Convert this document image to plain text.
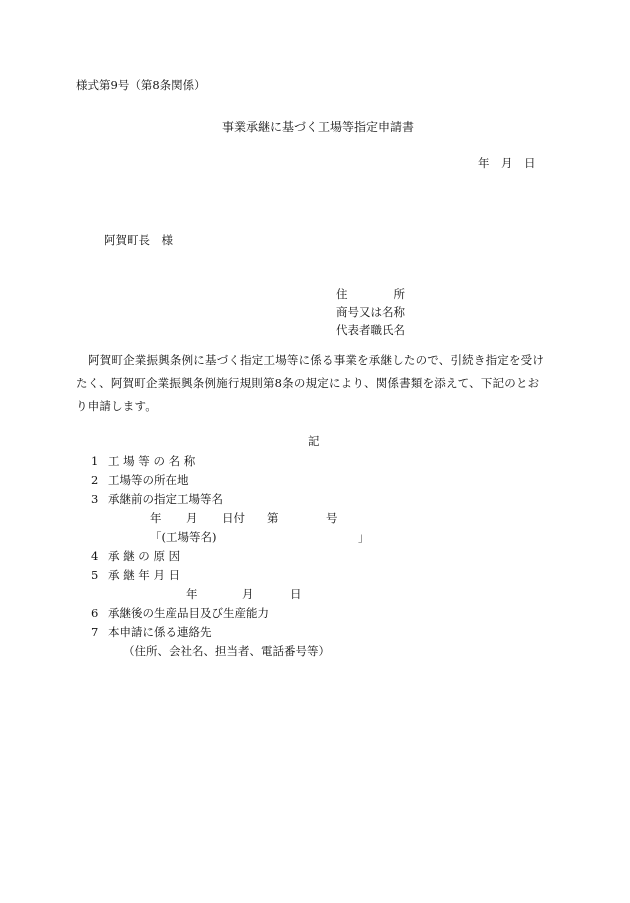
様式第9号（第8条関係）
事業承継に基づく工場等指定申請書
年 月 日
阿賀町長　様
住　　　　所
商号又は名称
代表者職氏名
阿賀町企業振興条例に基づく指定工場等に係る事業を承継したので、引続き指定を受けたく、阿賀町企業振興条例施行規則第8条の規定により、関係書類を添えて、下記のとおり申請します。
記
1 工 場 等 の 名 称
2 工場等の所在地
3 承継前の指定工場等名
年 月 日付 第	号
「(工場等名)	」
4 承 継 の 原 因
5 承 継 年 月 日
年	月	日
6 承継後の生産品目及び生産能力
7 本申請に係る連絡先
（住所、会社名、担当者、電話番号等）
